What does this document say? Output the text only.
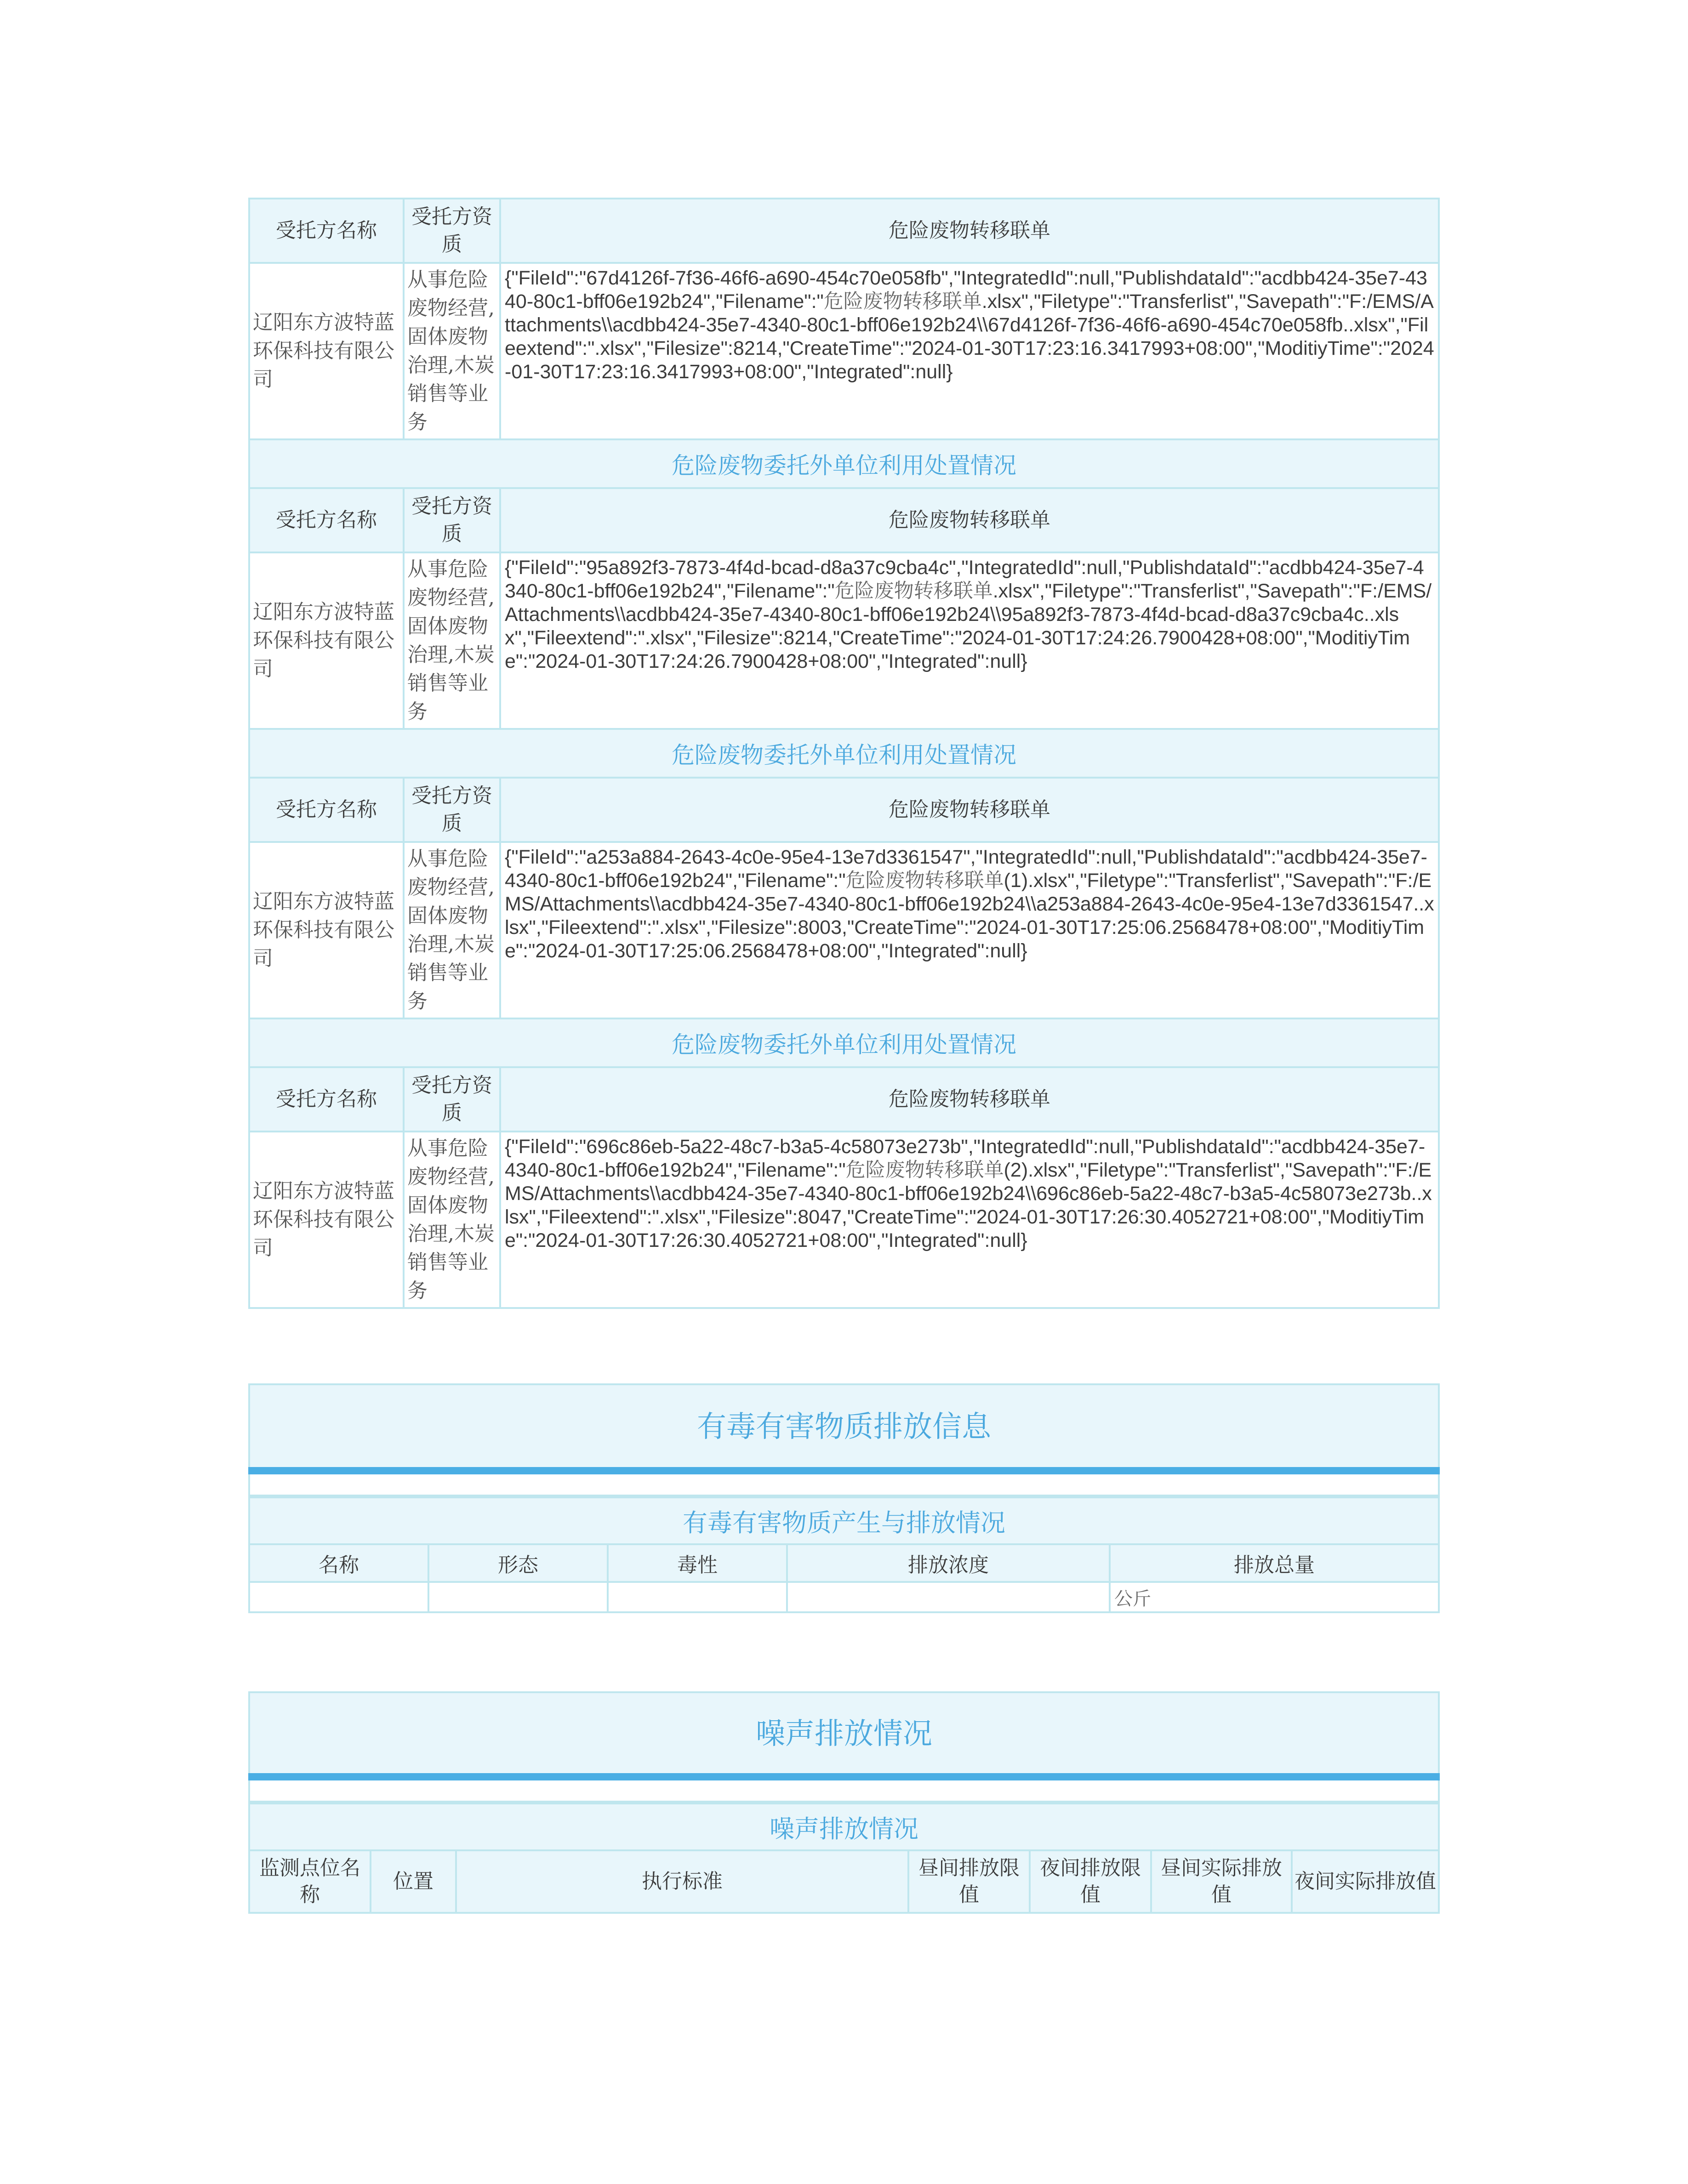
受托方名称	受托方资质	危险废物转移联单
辽阳东方波特蓝环保科技有限公司	从事危险废物经营,固体废物治理,木炭销售等业务	{"FileId":"67d4126f-7f36-46f6-a690-454c70e058fb","IntegratedId":null,"PublishdataId":"acdbb424-35e7-4340-80c1-bff06e192b24","Filename":"危险废物转移联单.xlsx","Filetype":"Transferlist","Savepath":"F:/EMS/Attachments\\acdbb424-35e7-4340-80c1-bff06e192b24\\67d4126f-7f36-46f6-a690-454c70e058fb..xlsx","Fileextend":".xlsx","Filesize":8214,"CreateTime":"2024-01-30T17:23:16.3417993+08:00","ModitiyTime":"2024-01-30T17:23:16.3417993+08:00","Integrated":null}
危险废物委托外单位利用处置情况		
受托方名称	受托方资质	危险废物转移联单
辽阳东方波特蓝环保科技有限公司	从事危险废物经营,固体废物治理,木炭销售等业务	{"FileId":"95a892f3-7873-4f4d-bcad-d8a37c9cba4c","IntegratedId":null,"PublishdataId":"acdbb424-35e7-4340-80c1-bff06e192b24","Filename":"危险废物转移联单.xlsx","Filetype":"Transferlist","Savepath":"F:/EMS/Attachments\\acdbb424-35e7-4340-80c1-bff06e192b24\\95a892f3-7873-4f4d-bcad-d8a37c9cba4c..xlsx","Fileextend":".xlsx","Filesize":8214,"CreateTime":"2024-01-30T17:24:26.7900428+08:00","ModitiyTime":"2024-01-30T17:24:26.7900428+08:00","Integrated":null}
危险废物委托外单位利用处置情况		
受托方名称	受托方资质	危险废物转移联单
辽阳东方波特蓝环保科技有限公司	从事危险废物经营,固体废物治理,木炭销售等业务	{"FileId":"a253a884-2643-4c0e-95e4-13e7d3361547","IntegratedId":null,"PublishdataId":"acdbb424-35e7-4340-80c1-bff06e192b24","Filename":"危险废物转移联单(1).xlsx","Filetype":"Transferlist","Savepath":"F:/EMS/Attachments\\acdbb424-35e7-4340-80c1-bff06e192b24\\a253a884-2643-4c0e-95e4-13e7d3361547..xlsx","Fileextend":".xlsx","Filesize":8003,"CreateTime":"2024-01-30T17:25:06.2568478+08:00","ModitiyTime":"2024-01-30T17:25:06.2568478+08:00","Integrated":null}
危险废物委托外单位利用处置情况		
受托方名称	受托方资质	危险废物转移联单
辽阳东方波特蓝环保科技有限公司	从事危险废物经营,固体废物治理,木炭销售等业务	{"FileId":"696c86eb-5a22-48c7-b3a5-4c58073e273b","IntegratedId":null,"PublishdataId":"acdbb424-35e7-4340-80c1-bff06e192b24","Filename":"危险废物转移联单(2).xlsx","Filetype":"Transferlist","Savepath":"F:/EMS/Attachments\\acdbb424-35e7-4340-80c1-bff06e192b24\\696c86eb-5a22-48c7-b3a5-4c58073e273b..xlsx","Fileextend":".xlsx","Filesize":8047,"CreateTime":"2024-01-30T17:26:30.4052721+08:00","ModitiyTime":"2024-01-30T17:26:30.4052721+08:00","Integrated":null}
有毒有害物质排放信息
有毒有害物质产生与排放情况				
名称	形态	毒性	排放浓度	排放总量
				公斤
噪声排放情况
噪声排放情况
监测点位名称	位置	执行标准	昼间排放限值	夜间排放限值	昼间实际排放值	夜间实际排放值
